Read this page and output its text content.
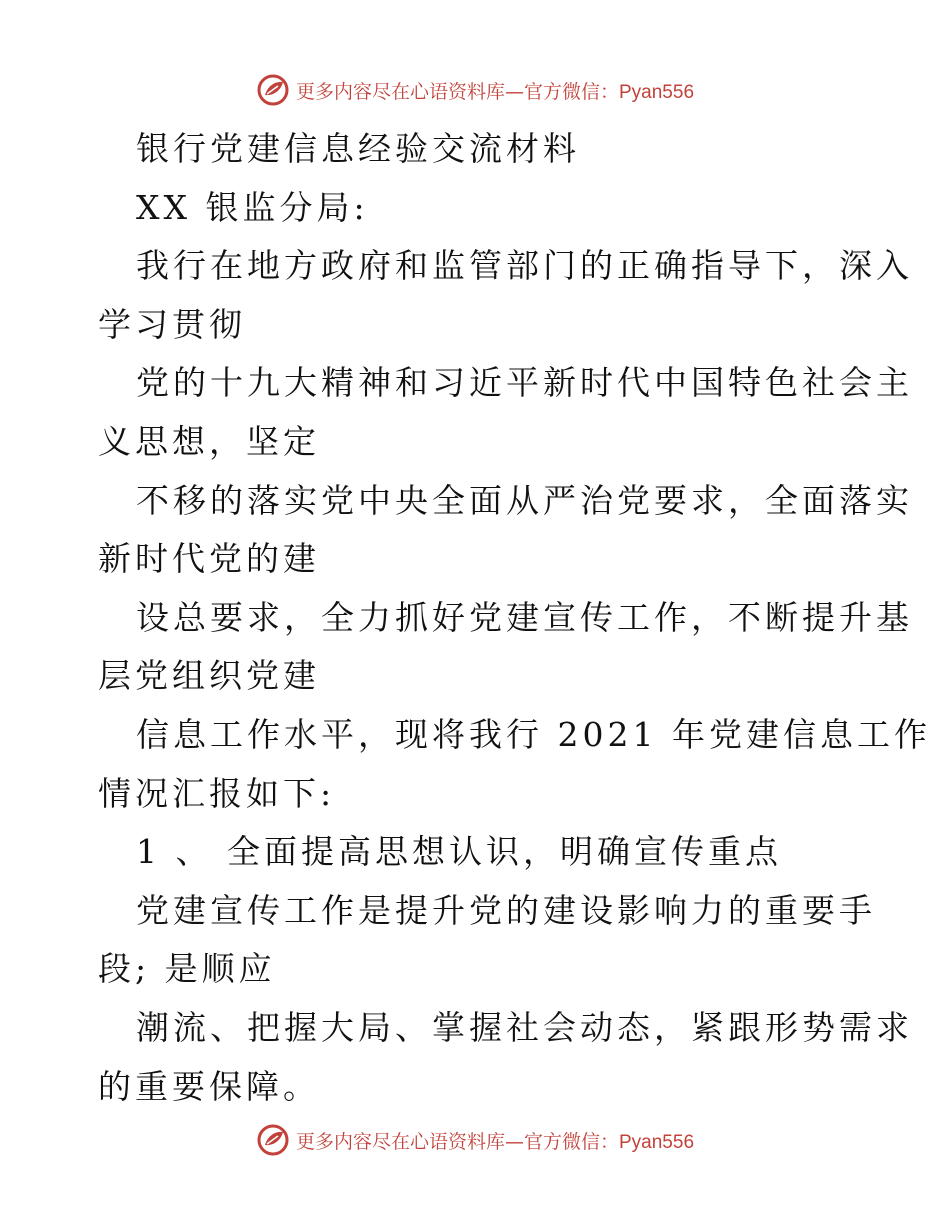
更多内容尽在心语资料库—官方微信：Pyan556
银行党建信息经验交流材料
XX 银监分局:
我行在地方政府和监管部门的正确指导下，深入
学习贯彻
党的十九大精神和习近平新时代中国特色社会主
义思想，坚定
不移的落实党中央全面从严治党要求，全面落实
新时代党的建
设总要求，全力抓好党建宣传工作，不断提升基
层党组织党建
信息工作水平，现将我行 2021 年党建信息工作
情况汇报如下:
1 、 全面提高思想认识，明确宣传重点
党建宣传工作是提升党的建设影响力的重要手
段; 是顺应
潮流、把握大局、掌握社会动态，紧跟形势需求
的重要保障。
更多内容尽在心语资料库—官方微信：Pyan556
